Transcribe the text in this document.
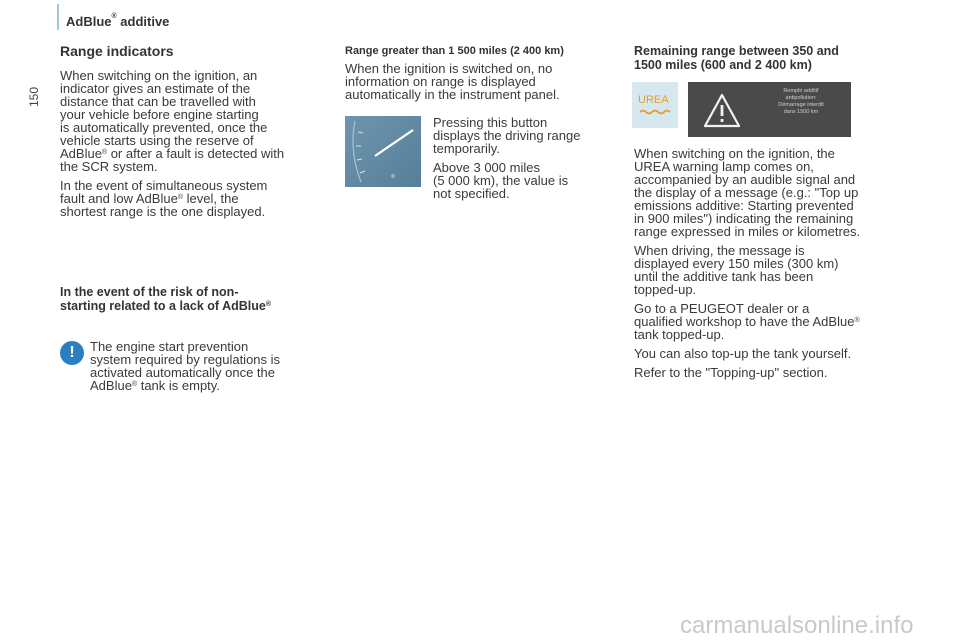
AdBlue® additive
150
Range indicators

When switching on the ignition, an
indicator gives an estimate of the
distance that can be travelled with
your vehicle before engine starting
is automatically prevented, once the
vehicle starts using the reserve of
AdBlue® or after a fault is detected with
the SCR system.

In the event of simultaneous system
fault and low AdBlue® level, the
shortest range is the one displayed.

In the event of the risk of non-
starting related to a lack of AdBlue®
!	The engine start prevention
system required by regulations is
activated automatically once the
AdBlue® tank is empty.

Range greater than 1 500 miles (2 400 km)

When the ignition is switched on, no
information on range is displayed
automatically in the instrument panel.

Pressing this button
displays the driving range
temporarily.

Above 3 000 miles
(5 000 km), the value is
not specified.

Remaining range between 350 and
1500 miles (600 and 2 400 km)
UREA
Remplir additif
antipollution:
Démarrage interdit
dans 1500 km

When switching on the ignition, the
UREA warning lamp comes on,
accompanied by an audible signal and
the display of a message (e.g.: "Top up
emissions additive: Starting prevented
in 900 miles") indicating the remaining
range expressed in miles or kilometres.

When driving, the message is
displayed every 150 miles (300 km)
until the additive tank has been
topped-up.

Go to a PEUGEOT dealer or a
qualified workshop to have the AdBlue®
tank topped-up.

You can also top-up the tank yourself.

Refer to the "Topping-up" section.

carmanualsonline.info
